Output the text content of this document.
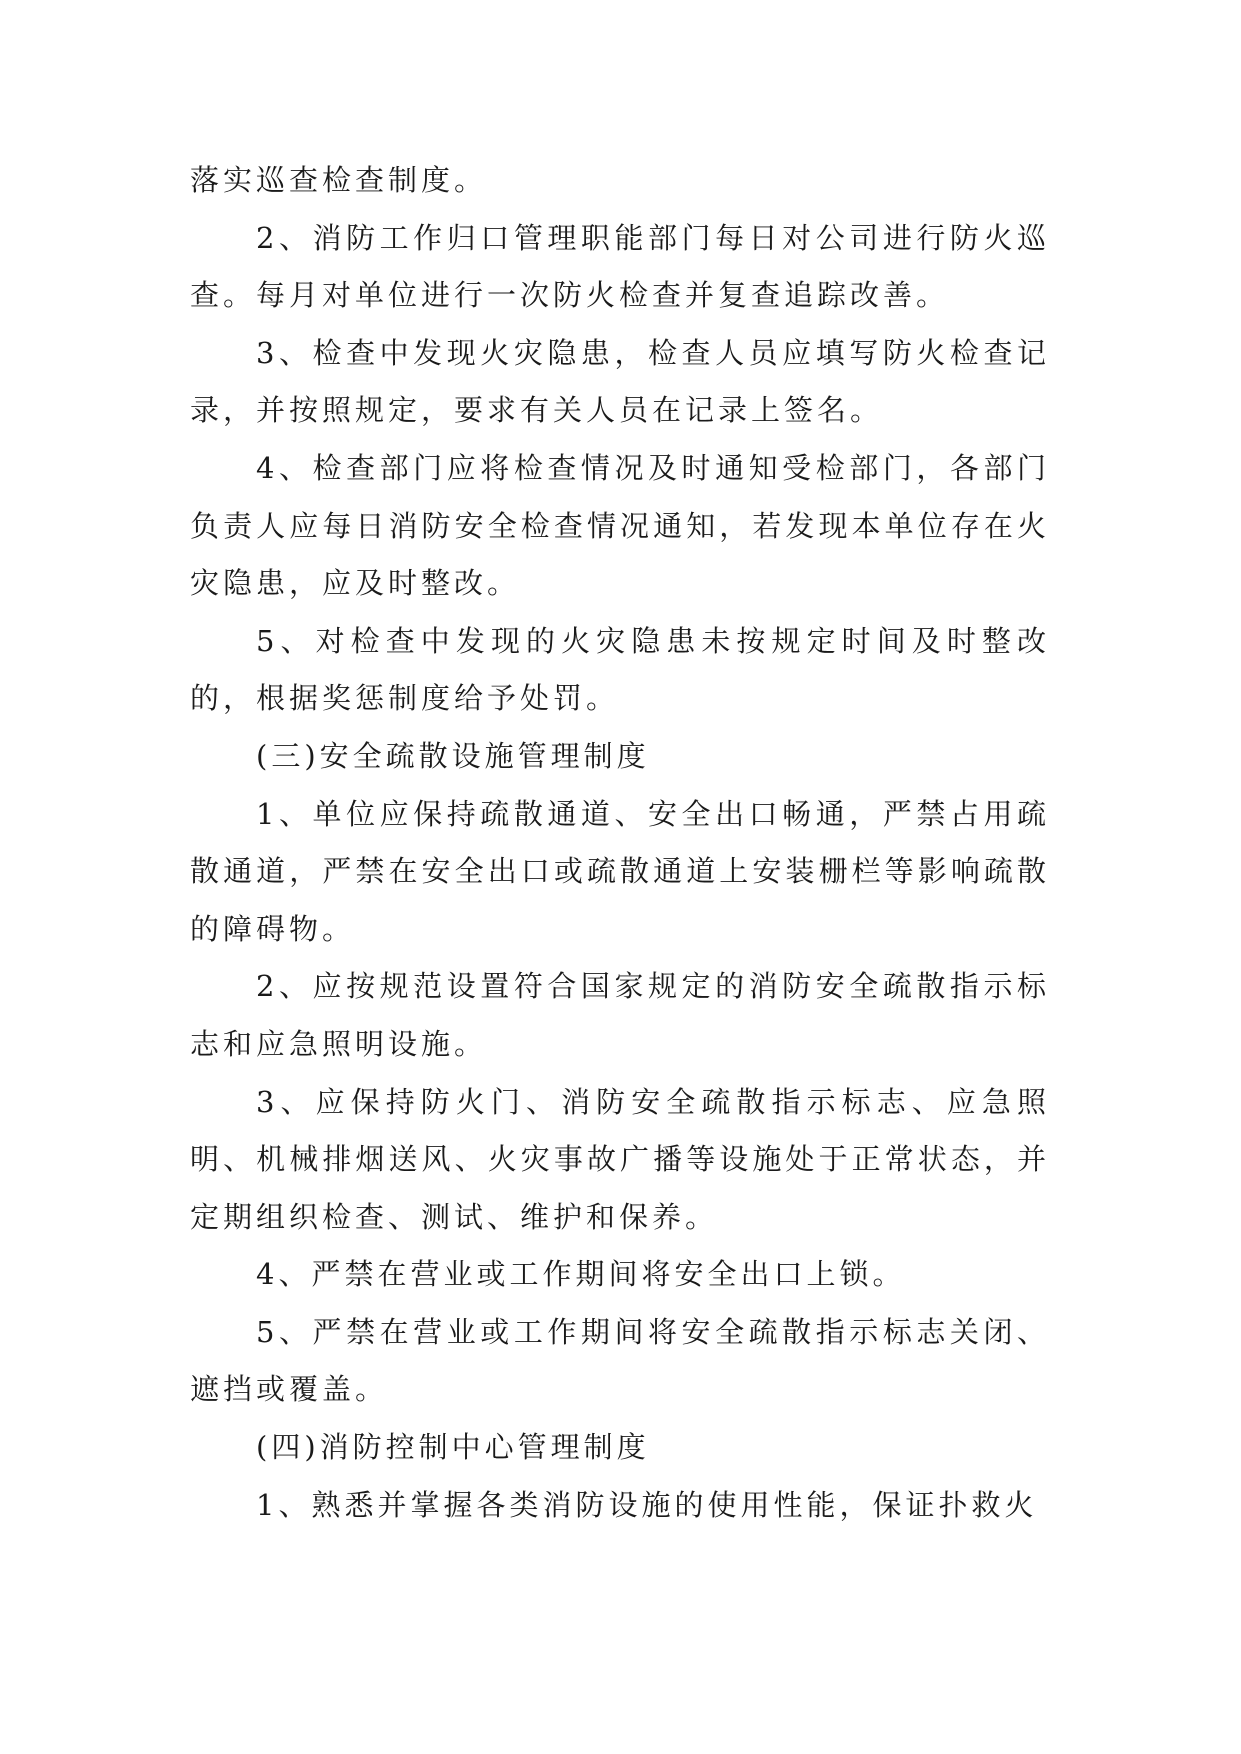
落实巡查检查制度。

2、消防工作归口管理职能部门每日对公司进行防火巡查。每月对单位进行一次防火检查并复查追踪改善。

3、检查中发现火灾隐患，检查人员应填写防火检查记录，并按照规定，要求有关人员在记录上签名。

4、检查部门应将检查情况及时通知受检部门，各部门负责人应每日消防安全检查情况通知，若发现本单位存在火灾隐患，应及时整改。

5、对检查中发现的火灾隐患未按规定时间及时整改的，根据奖惩制度给予处罚。

(三)安全疏散设施管理制度

1、单位应保持疏散通道、安全出口畅通，严禁占用疏散通道，严禁在安全出口或疏散通道上安装栅栏等影响疏散的障碍物。

2、应按规范设置符合国家规定的消防安全疏散指示标志和应急照明设施。

3、应保持防火门、消防安全疏散指示标志、应急照明、机械排烟送风、火灾事故广播等设施处于正常状态，并定期组织检查、测试、维护和保养。

4、严禁在营业或工作期间将安全出口上锁。

5、严禁在营业或工作期间将安全疏散指示标志关闭、遮挡或覆盖。

(四)消防控制中心管理制度

1、熟悉并掌握各类消防设施的使用性能，保证扑救火
